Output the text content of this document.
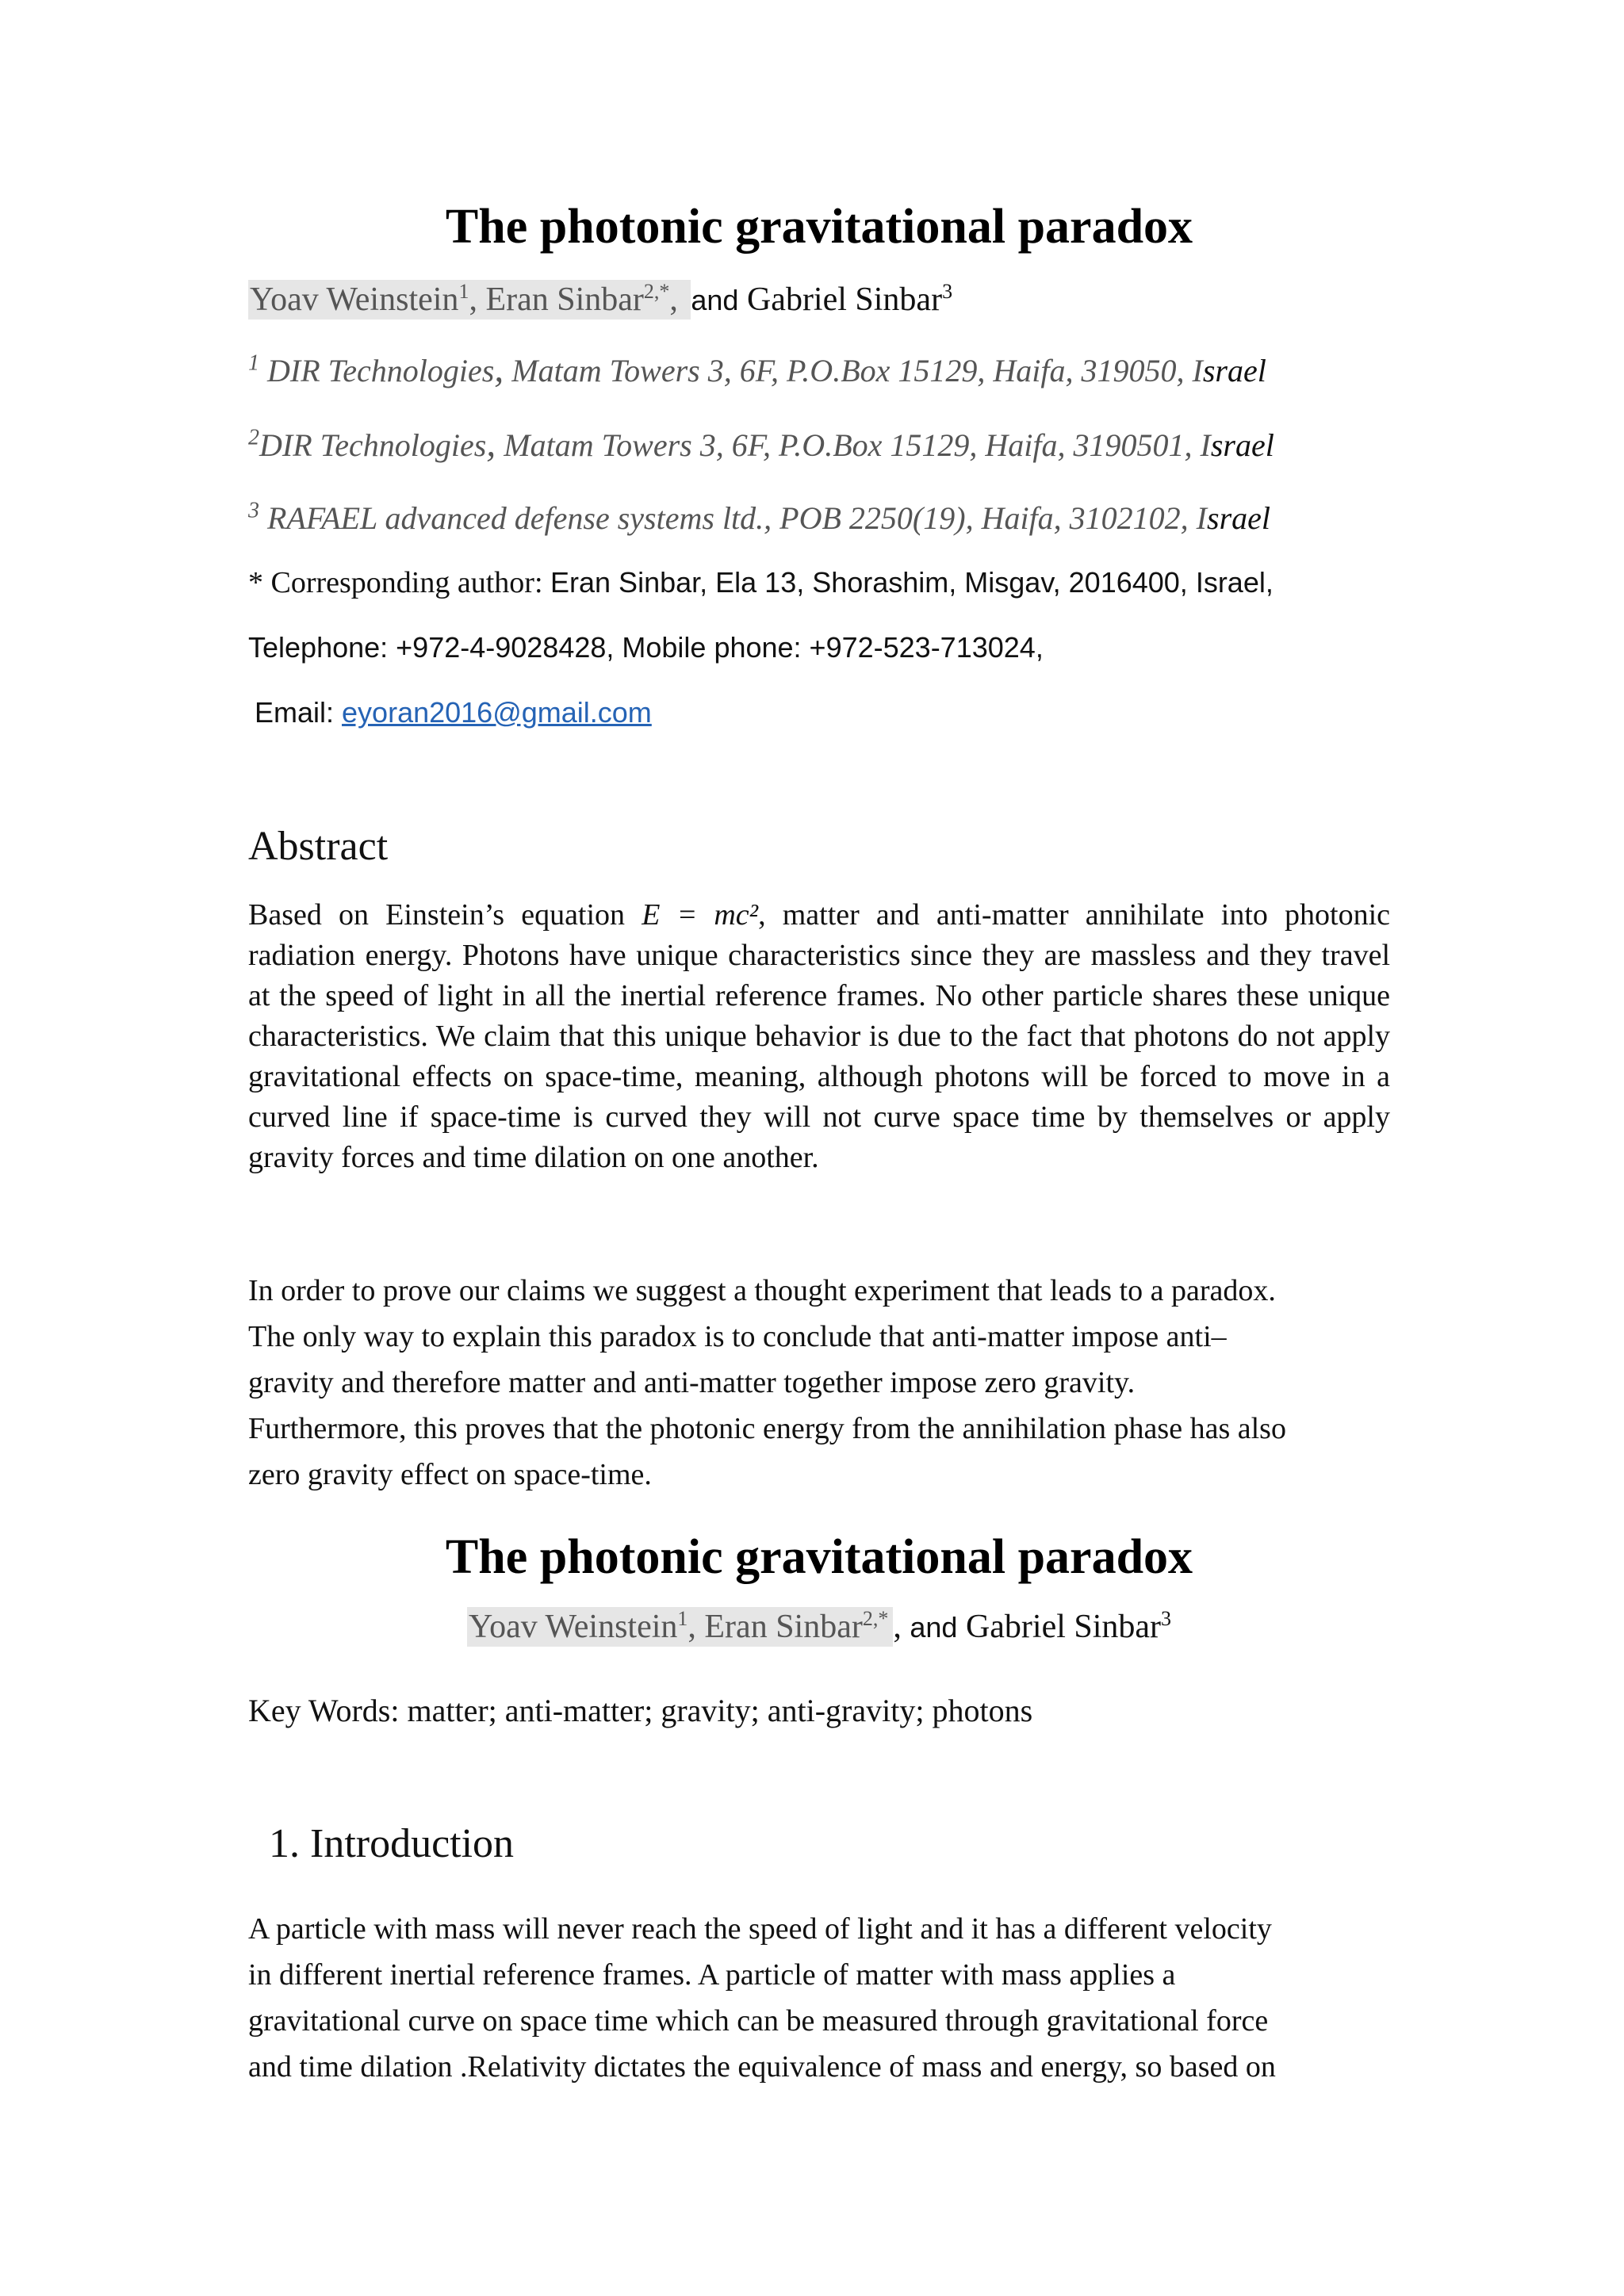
The photonic gravitational paradox
Yoav Weinstein$^1$, Eran Sinbar$^{2,*}$, and Gabriel Sinbar$^3$
$^1$ DIR Technologies, Matam Towers 3, 6F, P.O.Box 15129, Haifa, 319050, Israel
$^2$DIR Technologies, Matam Towers 3, 6F, P.O.Box 15129, Haifa, 3190501, Israel
$^3$ RAFAEL advanced defense systems ltd., POB 2250(19), Haifa, 3102102, Israel
* Corresponding author: Eran Sinbar, Ela 13, Shorashim, Misgav, 2016400, Israel,
Telephone: +972-4-9028428, Mobile phone: +972-523-713024,
Email: eyoran2016@gmail.com
Abstract
Based on Einstein’s equation E = mc², matter and anti-matter annihilate into photonic radiation energy. Photons have unique characteristics since they are massless and they travel at the speed of light in all the inertial reference frames. No other particle shares these unique characteristics. We claim that this unique behavior is due to the fact that photons do not apply gravitational effects on space-time, meaning, although photons will be forced to move in a curved line if space-time is curved they will not curve space time by themselves or apply gravity forces and time dilation on one another.
In order to prove our claims we suggest a thought experiment that leads to a paradox.
The only way to explain this paradox is to conclude that anti-matter impose anti–
gravity and therefore matter and anti-matter together impose zero gravity.
Furthermore, this proves that the photonic energy from the annihilation phase has also
zero gravity effect on space-time.
The photonic gravitational paradox
Yoav Weinstein$^1$, Eran Sinbar$^{2,*}$ , and Gabriel Sinbar$^3$
Key Words: matter; anti-matter; gravity; anti-gravity; photons
1. Introduction
A particle with mass will never reach the speed of light and it has a different velocity
in different inertial reference frames. A particle of matter with mass applies a
gravitational curve on space time which can be measured through gravitational force
and time dilation .Relativity dictates the equivalence of mass and energy, so based on
